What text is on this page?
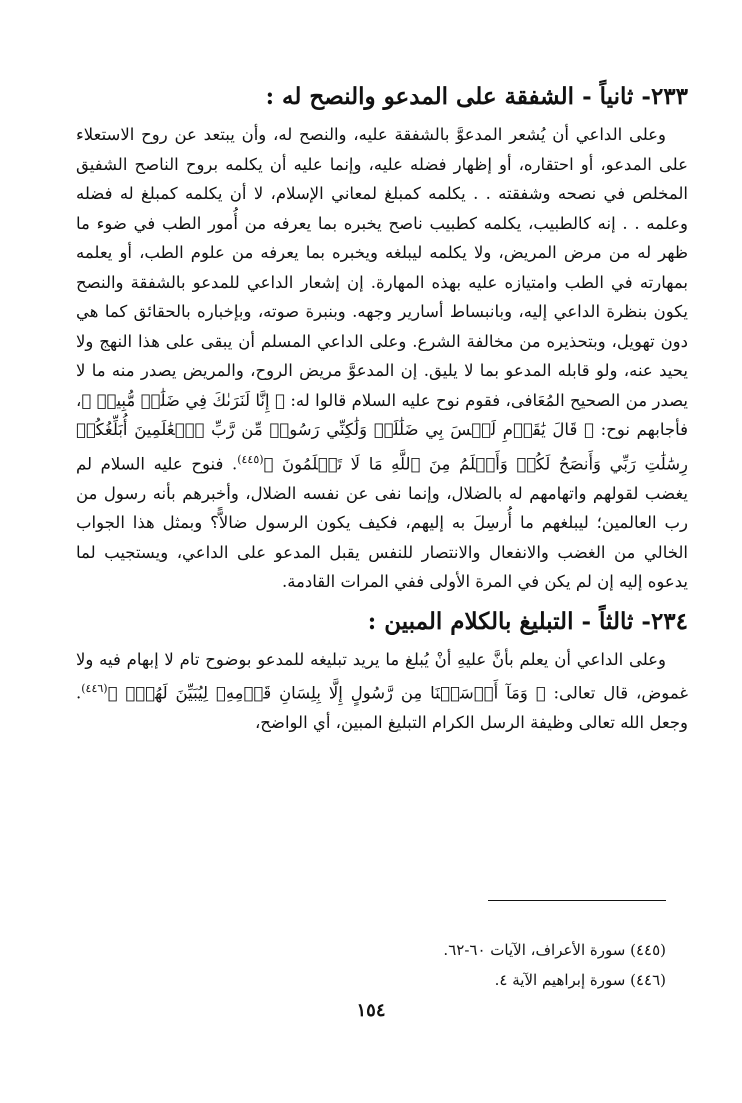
٢٣٣- ثانياً - الشفقة على المدعو والنصح له :

وعلى الداعي أن يُشعر المدعوَّ بالشفقة عليه، والنصح له، وأن يبتعد عن روح الاستعلاء على المدعو، أو احتقاره، أو إظهار فضله عليه، وإنما عليه أن يكلمه بروح الناصح الشفيق المخلص في نصحه وشفقته . . يكلمه كمبلغ لمعاني الإسلام، لا أن يكلمه كمبلغ له فضله وعلمه . . إنه كالطبيب، يكلمه كطبيب ناصح يخبره بما يعرفه من أُمور الطب في ضوء ما ظهر له من مرض المريض، ولا يكلمه ليبلغه ويخبره بما يعرفه من علوم الطب، أو يعلمه بمهارته في الطب وامتيازه عليه بهذه المهارة. إن إشعار الداعي للمدعو بالشفقة والنصح يكون بنظرة الداعي إليه، وبانبساط أسارير وجهه. وبنبرة صوته، وبإخباره بالحقائق كما هي دون تهويل، وبتحذيره من مخالفة الشرع. وعلى الداعي المسلم أن يبقى على هذا النهج ولا يحيد عنه، ولو قابله المدعو بما لا يليق. إن المدعوَّ مريض الروح، والمريض يصدر منه ما لا يصدر من الصحيح المُعَافى، فقوم نوح عليه السلام قالوا له: ﴿ إِنَّا لَنَرَىٰكَ فِي ضَلَٰلٖ مُّبِينٖ ﴾، فأجابهم نوح: ﴿ قَالَ يَٰقَوۡمِ لَيۡسَ بِي ضَلَٰلَةٞ وَلَٰكِنِّي رَسُولٞ مِّن رَّبِّ ٱلۡعَٰلَمِينَ أُبَلِّغُكُمۡ رِسَٰلَٰتِ رَبِّي وَأَنصَحُ لَكُمۡ وَأَعۡلَمُ مِنَ ٱللَّهِ مَا لَا تَعۡلَمُونَ ﴾$^{(٤٤٥)}$. فنوح عليه السلام لم يغضب لقولهم واتهامهم له بالضلال، وإنما نفى عن نفسه الضلال، وأخبرهم بأنه رسول من رب العالمين؛ ليبلغهم ما أُرسِلَ به إليهم، فكيف يكون الرسول ضالاًّ؟ وبمثل هذا الجواب الخالي من الغضب والانفعال والانتصار للنفس يقبل المدعو على الداعي، ويستجيب لما يدعوه إليه إن لم يكن في المرة الأولى ففي المرات القادمة.

٢٣٤- ثالثاً - التبليغ بالكلام المبين :

وعلى الداعي أن يعلم بأنَّ عليهِ أنْ يُبلغ ما يريد تبليغه للمدعو بوضوح تام لا إبهام فيه ولا غموض، قال تعالى: ﴿ وَمَآ أَرۡسَلۡنَا مِن رَّسُولٍ إِلَّا بِلِسَانِ قَوۡمِهِۦ لِيُبَيِّنَ لَهُمۡۖ ﴾$^{(٤٤٦)}$. وجعل الله تعالى وظيفة الرسل الكرام التبليغ المبين، أي الواضح،

(٤٤٥) سورة الأعراف، الآيات ٦٠-٦٢.

(٤٤٦) سورة إبراهيم الآية ٤.

١٥٤
